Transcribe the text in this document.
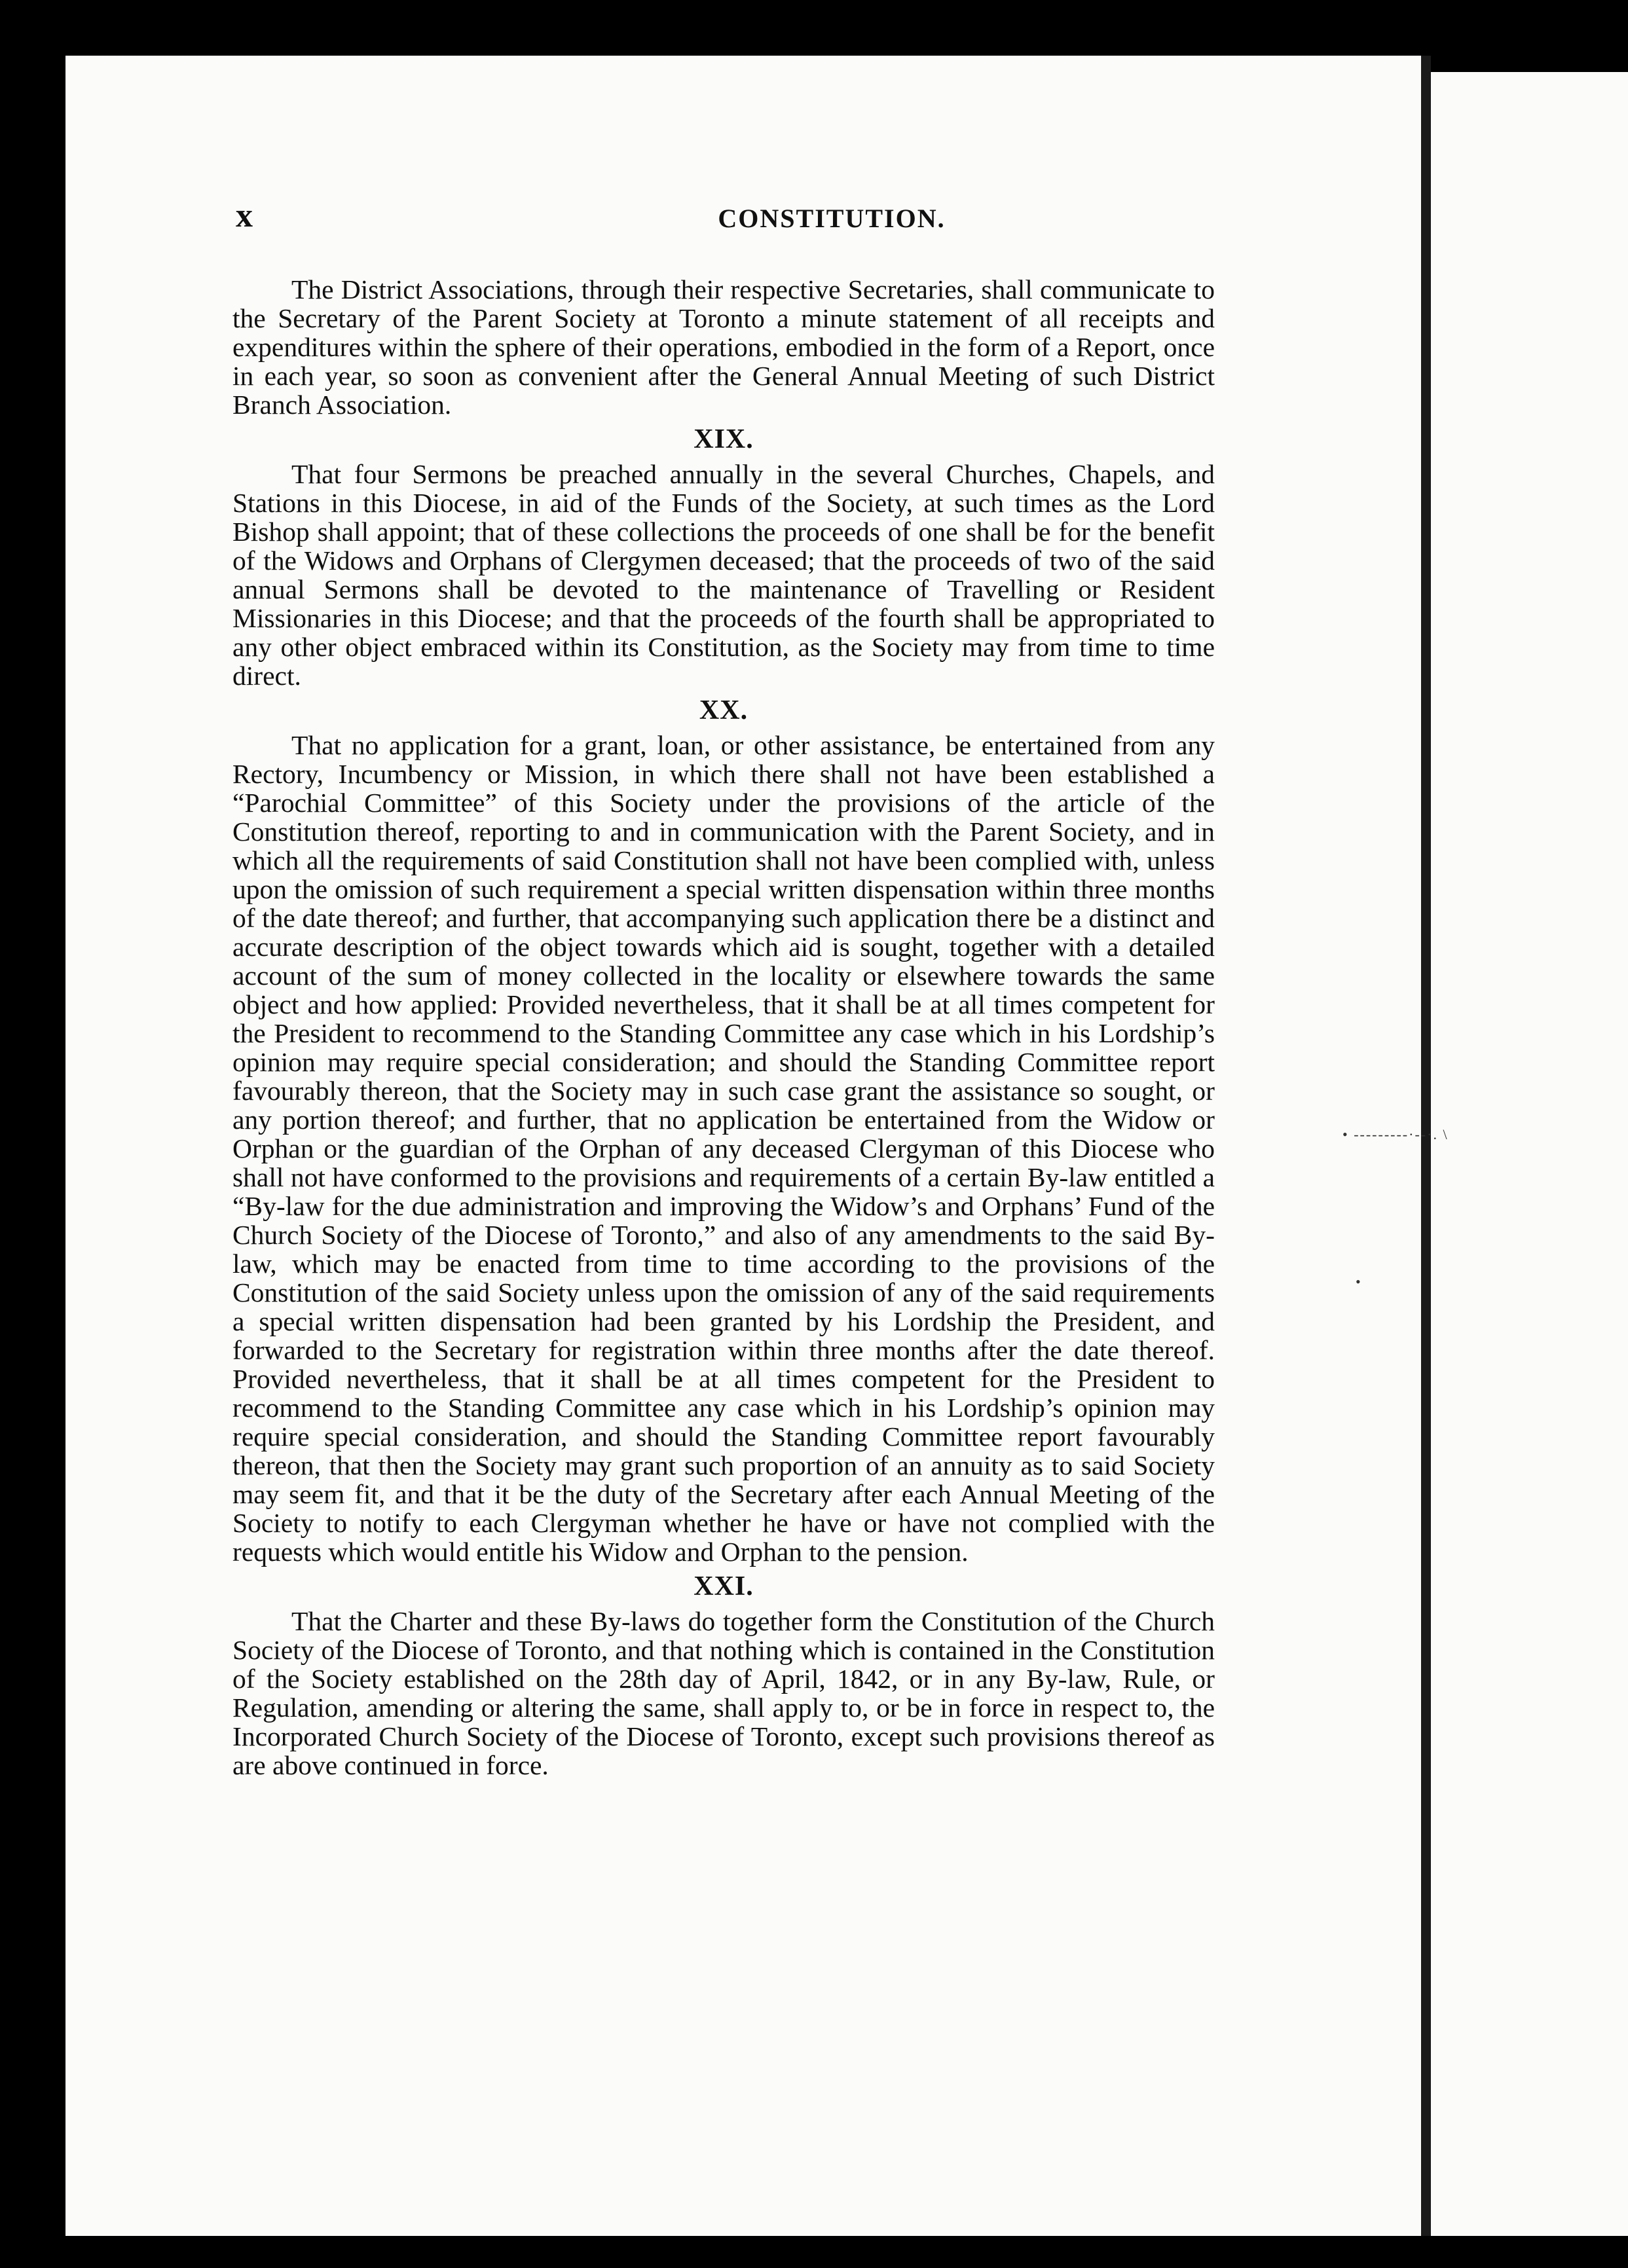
• ‐‐‐‐‐‐‐‐‐·‐‐·. \
•
x	CONSTITUTION.

The District Associations, through their respective Secretaries, shall communicate to the Secretary of the Parent Society at Toronto a minute statement of all receipts and expenditures within the sphere of their operations, embodied in the form of a Report, once in each year, so soon as convenient after the General Annual Meeting of such District Branch Association.

XIX.

That four Sermons be preached annually in the several Churches, Chapels, and Stations in this Diocese, in aid of the Funds of the Society, at such times as the Lord Bishop shall appoint; that of these collections the proceeds of one shall be for the benefit of the Widows and Orphans of Clergymen deceased; that the proceeds of two of the said annual Sermons shall be devoted to the maintenance of Travelling or Resident Missionaries in this Diocese; and that the proceeds of the fourth shall be appropriated to any other object embraced within its Constitution, as the Society may from time to time direct.

XX.

That no application for a grant, loan, or other assistance, be entertained from any Rectory, Incumbency or Mission, in which there shall not have been established a “Parochial Committee” of this Society under the provisions of the article of the Constitution thereof, reporting to and in communication with the Parent Society, and in which all the requirements of said Constitution shall not have been complied with, unless upon the omission of such requirement a special written dispensation within three months of the date thereof; and further, that accompanying such application there be a distinct and accurate description of the object towards which aid is sought, together with a detailed account of the sum of money collected in the locality or elsewhere towards the same object and how applied: Provided nevertheless, that it shall be at all times competent for the President to recommend to the Standing Committee any case which in his Lordship’s opinion may require special consideration; and should the Standing Committee report favourably thereon, that the Society may in such case grant the assistance so sought, or any portion thereof; and further, that no application be entertained from the Widow or Orphan or the guardian of the Orphan of any deceased Clergyman of this Diocese who shall not have conformed to the provisions and requirements of a certain By-law entitled a “By-law for the due administration and improving the Widow’s and Orphans’ Fund of the Church Society of the Diocese of Toronto,” and also of any amendments to the said By-law, which may be enacted from time to time according to the provisions of the Constitution of the said Society unless upon the omission of any of the said requirements a special written dispensation had been granted by his Lordship the President, and forwarded to the Secretary for registration within three months after the date thereof. Provided nevertheless, that it shall be at all times competent for the President to recommend to the Standing Committee any case which in his Lordship’s opinion may require special consideration, and should the Standing Committee report favourably thereon, that then the Society may grant such proportion of an annuity as to said Society may seem fit, and that it be the duty of the Secretary after each Annual Meeting of the Society to notify to each Clergyman whether he have or have not complied with the requests which would entitle his Widow and Orphan to the pension.

XXI.

That the Charter and these By-laws do together form the Constitution of the Church Society of the Diocese of Toronto, and that nothing which is contained in the Constitution of the Society established on the 28th day of April, 1842, or in any By-law, Rule, or Regulation, amending or altering the same, shall apply to, or be in force in respect to, the Incorporated Church Society of the Diocese of Toronto, except such provisions thereof as are above continued in force.
